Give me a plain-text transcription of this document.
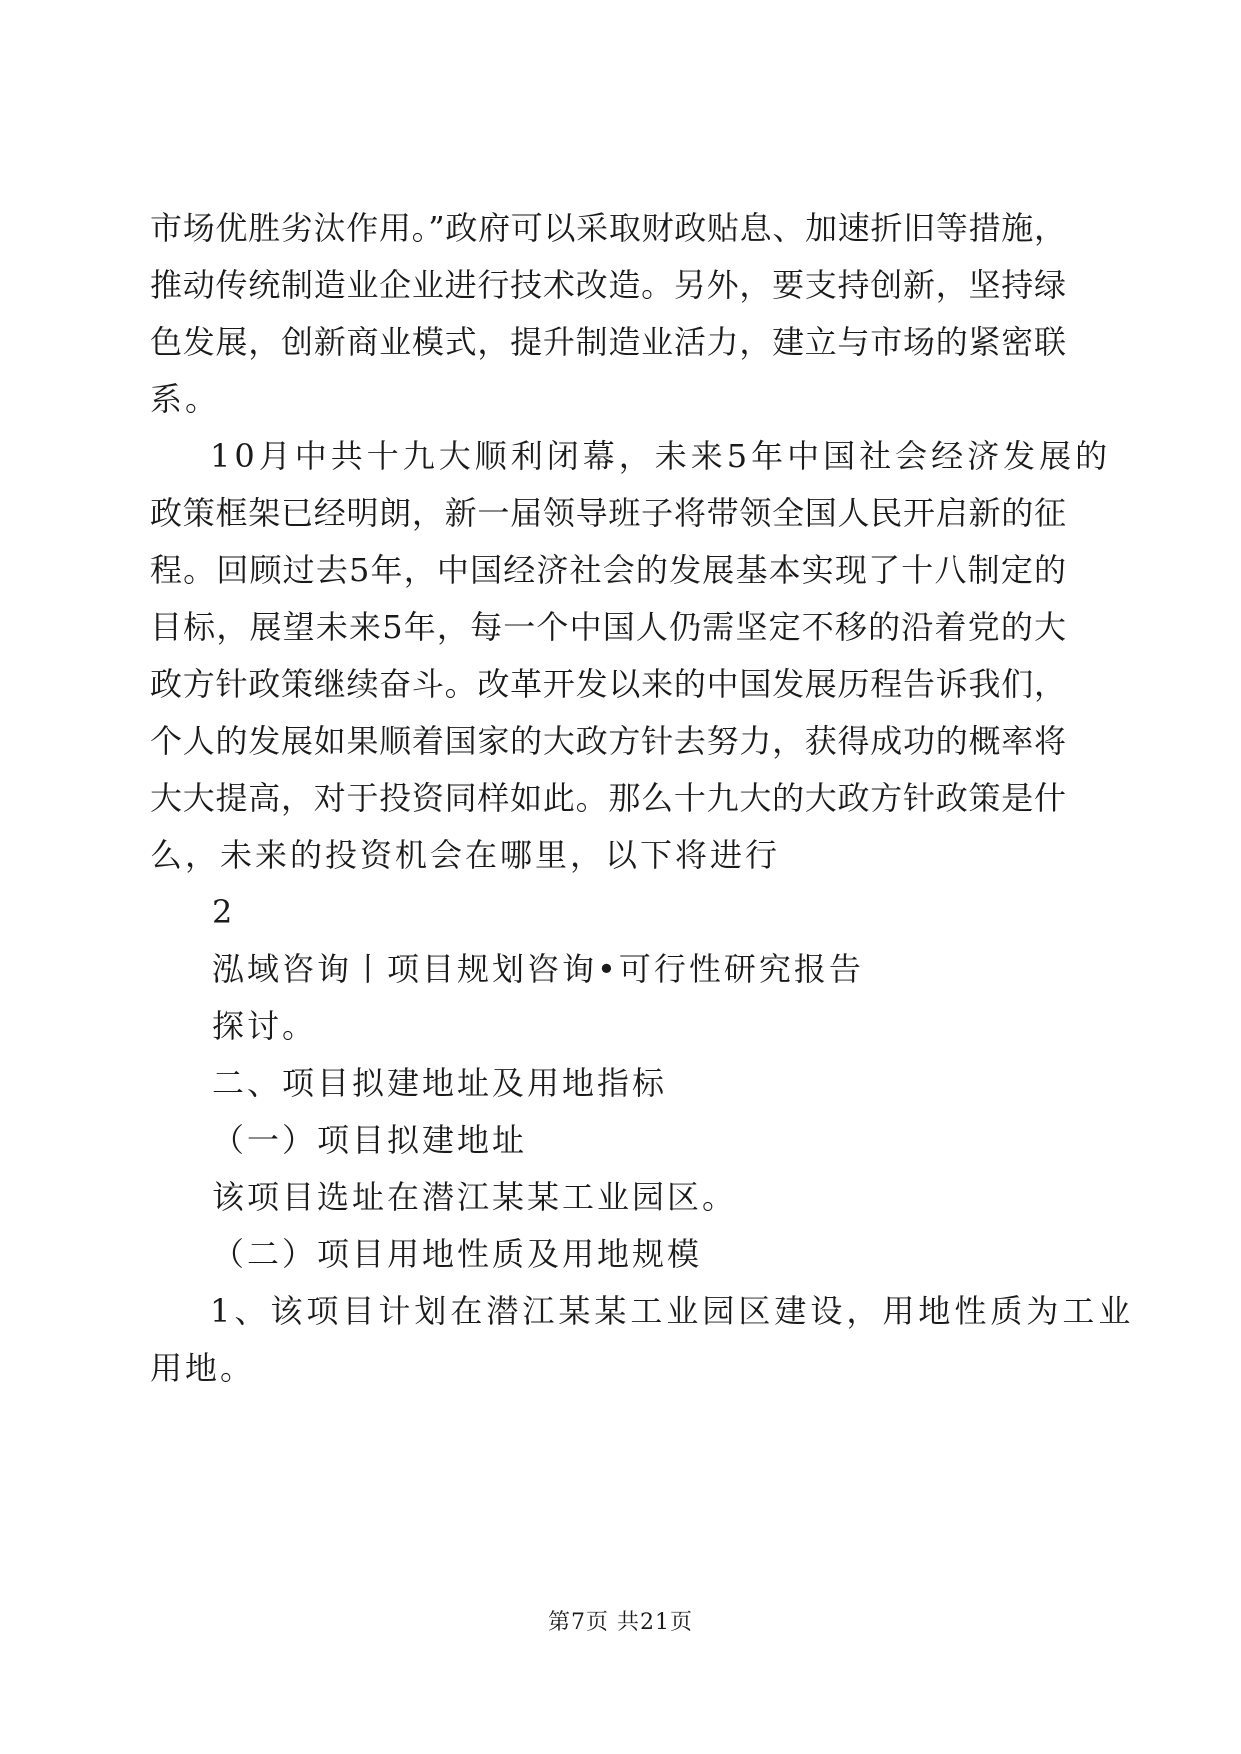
市场优胜劣汰作用。”政府可以采取财政贴息、加速折旧等措施，
推动传统制造业企业进行技术改造。另外，要支持创新，坚持绿
色发展，创新商业模式，提升制造业活力，建立与市场的紧密联
系。
10月中共十九大顺利闭幕，未来5年中国社会经济发展的
政策框架已经明朗，新一届领导班子将带领全国人民开启新的征
程。回顾过去5年，中国经济社会的发展基本实现了十八制定的
目标，展望未来5年，每一个中国人仍需坚定不移的沿着党的大
政方针政策继续奋斗。改革开发以来的中国发展历程告诉我们，
个人的发展如果顺着国家的大政方针去努力，获得成功的概率将
大大提高，对于投资同样如此。那么十九大的大政方针政策是什
么，未来的投资机会在哪里，以下将进行
2
泓域咨询丨项目规划咨询•可行性研究报告
探讨。
二、项目拟建地址及用地指标
（一）项目拟建地址
该项目选址在潜江某某工业园区。
（二）项目用地性质及用地规模
1、该项目计划在潜江某某工业园区建设，用地性质为工业
用地。
第7页 共21页
